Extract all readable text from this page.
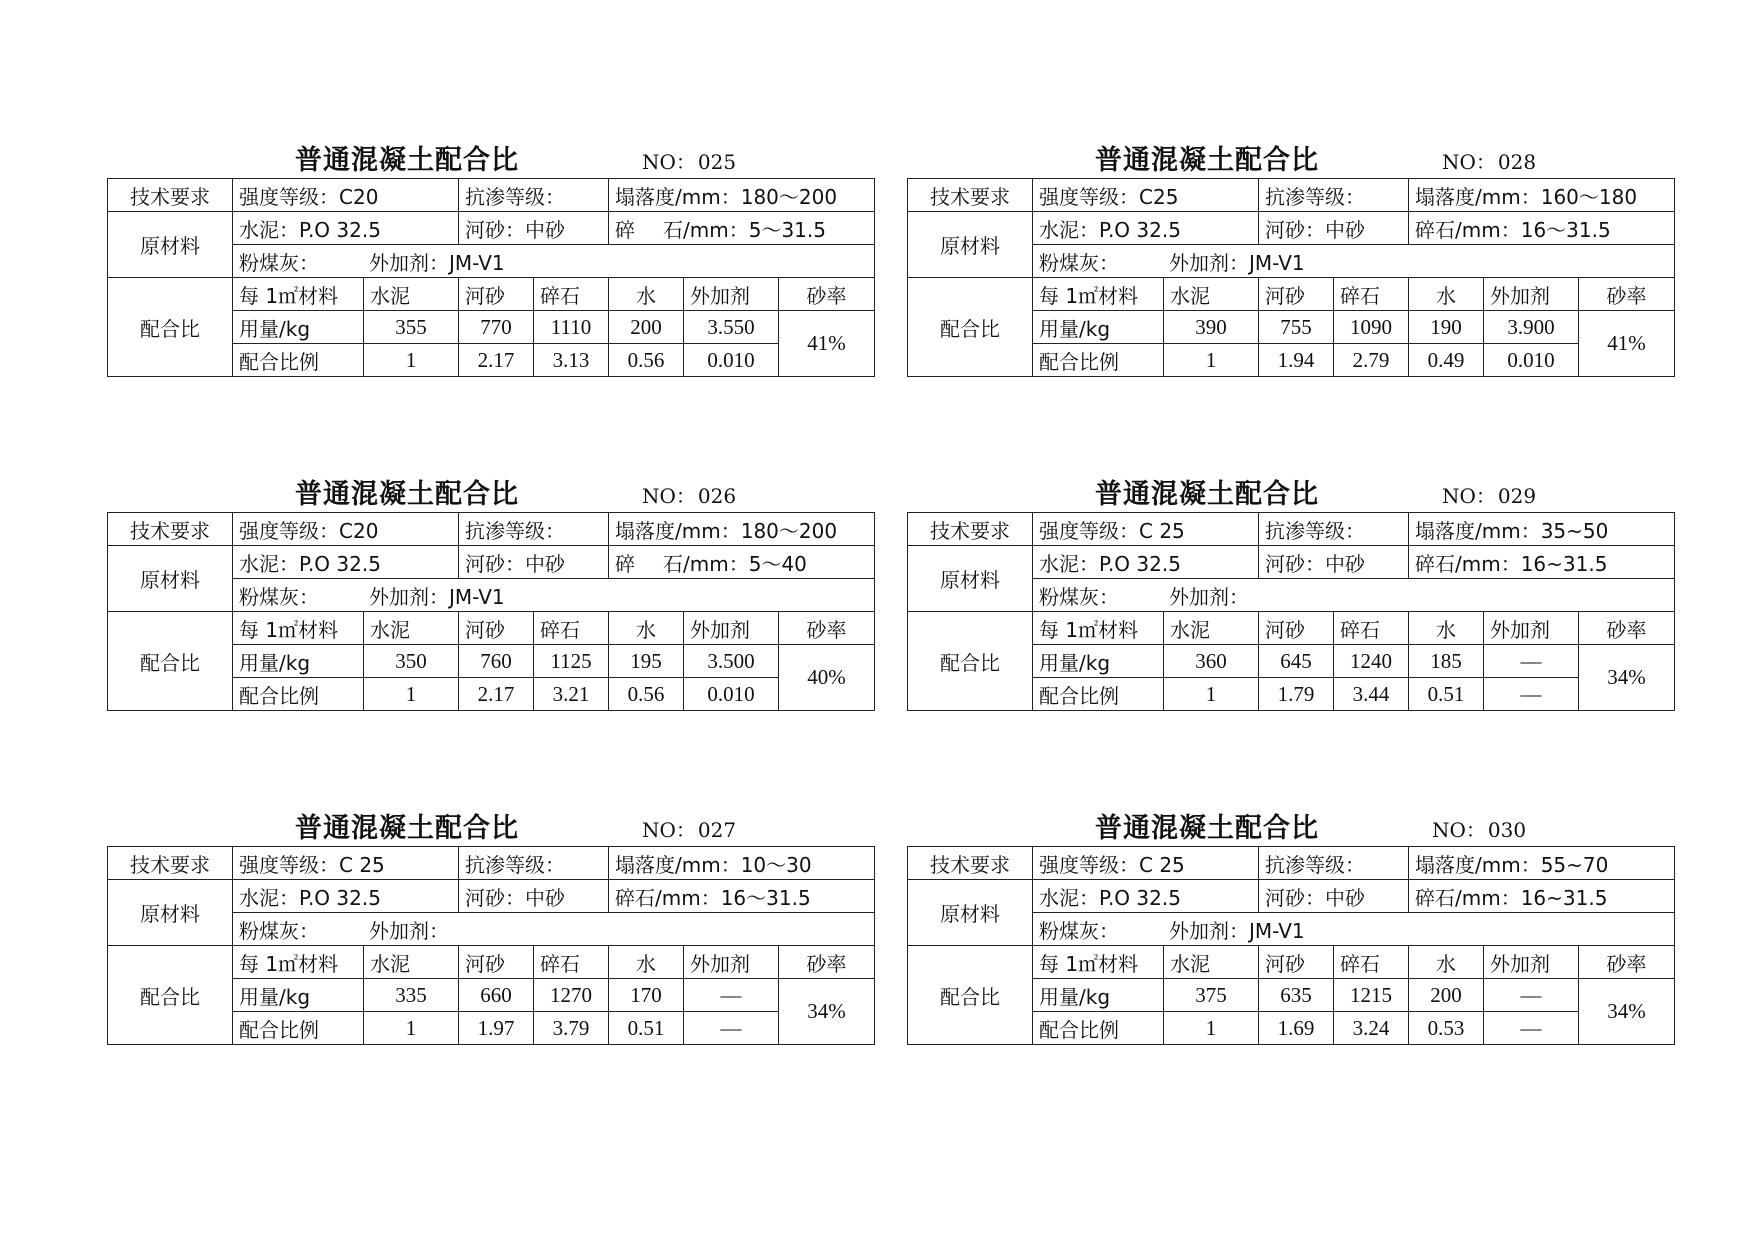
普通混凝土配合比	NO： 025
技术要求	强度等级：C20		抗渗等级：		塌落度/mm：180～200		
原材料	水泥：P.O 32.5		河砂：中砂		碎 石/mm：5～31.5		
	粉煤灰： 外加剂：JM-V1						
配合比	每 1㎡材料	水泥	河砂	碎石	水	外加剂	砂率
	用量/kg	355	770	1110	200	3.550	41%
	配合比例	1	2.17	3.13	0.56	0.010	
普通混凝土配合比	NO： 028
技术要求	强度等级：C25		抗渗等级：		塌落度/mm：160～180		
原材料	水泥：P.O 32.5		河砂：中砂		碎石/mm：16～31.5		
	粉煤灰： 外加剂：JM-V1						
配合比	每 1㎡材料	水泥	河砂	碎石	水	外加剂	砂率
	用量/kg	390	755	1090	190	3.900	41%
	配合比例	1	1.94	2.79	0.49	0.010	
普通混凝土配合比	NO： 026
技术要求	强度等级：C20		抗渗等级：		塌落度/mm：180～200		
原材料	水泥：P.O 32.5		河砂：中砂		碎 石/mm：5～40		
	粉煤灰： 外加剂：JM-V1						
配合比	每 1㎡材料	水泥	河砂	碎石	水	外加剂	砂率
	用量/kg	350	760	1125	195	3.500	40%
	配合比例	1	2.17	3.21	0.56	0.010	
普通混凝土配合比	NO： 029
技术要求	强度等级：C 25		抗渗等级：		塌落度/mm：35~50		
原材料	水泥：P.O 32.5		河砂：中砂		碎石/mm：16~31.5		
	粉煤灰： 外加剂：						
配合比	每 1㎡材料	水泥	河砂	碎石	水	外加剂	砂率
	用量/kg	360	645	1240	185	—	34%
	配合比例	1	1.79	3.44	0.51	—	
普通混凝土配合比	NO： 027
技术要求	强度等级：C 25		抗渗等级：		塌落度/mm：10～30		
原材料	水泥：P.O 32.5		河砂：中砂		碎石/mm：16～31.5		
	粉煤灰： 外加剂：						
配合比	每 1㎡材料	水泥	河砂	碎石	水	外加剂	砂率
	用量/kg	335	660	1270	170	—	34%
	配合比例	1	1.97	3.79	0.51	—	
普通混凝土配合比	NO： 030
技术要求	强度等级：C 25		抗渗等级：		塌落度/mm：55~70		
原材料	水泥：P.O 32.5		河砂：中砂		碎石/mm：16~31.5		
	粉煤灰： 外加剂：JM-V1						
配合比	每 1㎡材料	水泥	河砂	碎石	水	外加剂	砂率
	用量/kg	375	635	1215	200	—	34%
	配合比例	1	1.69	3.24	0.53	—	
